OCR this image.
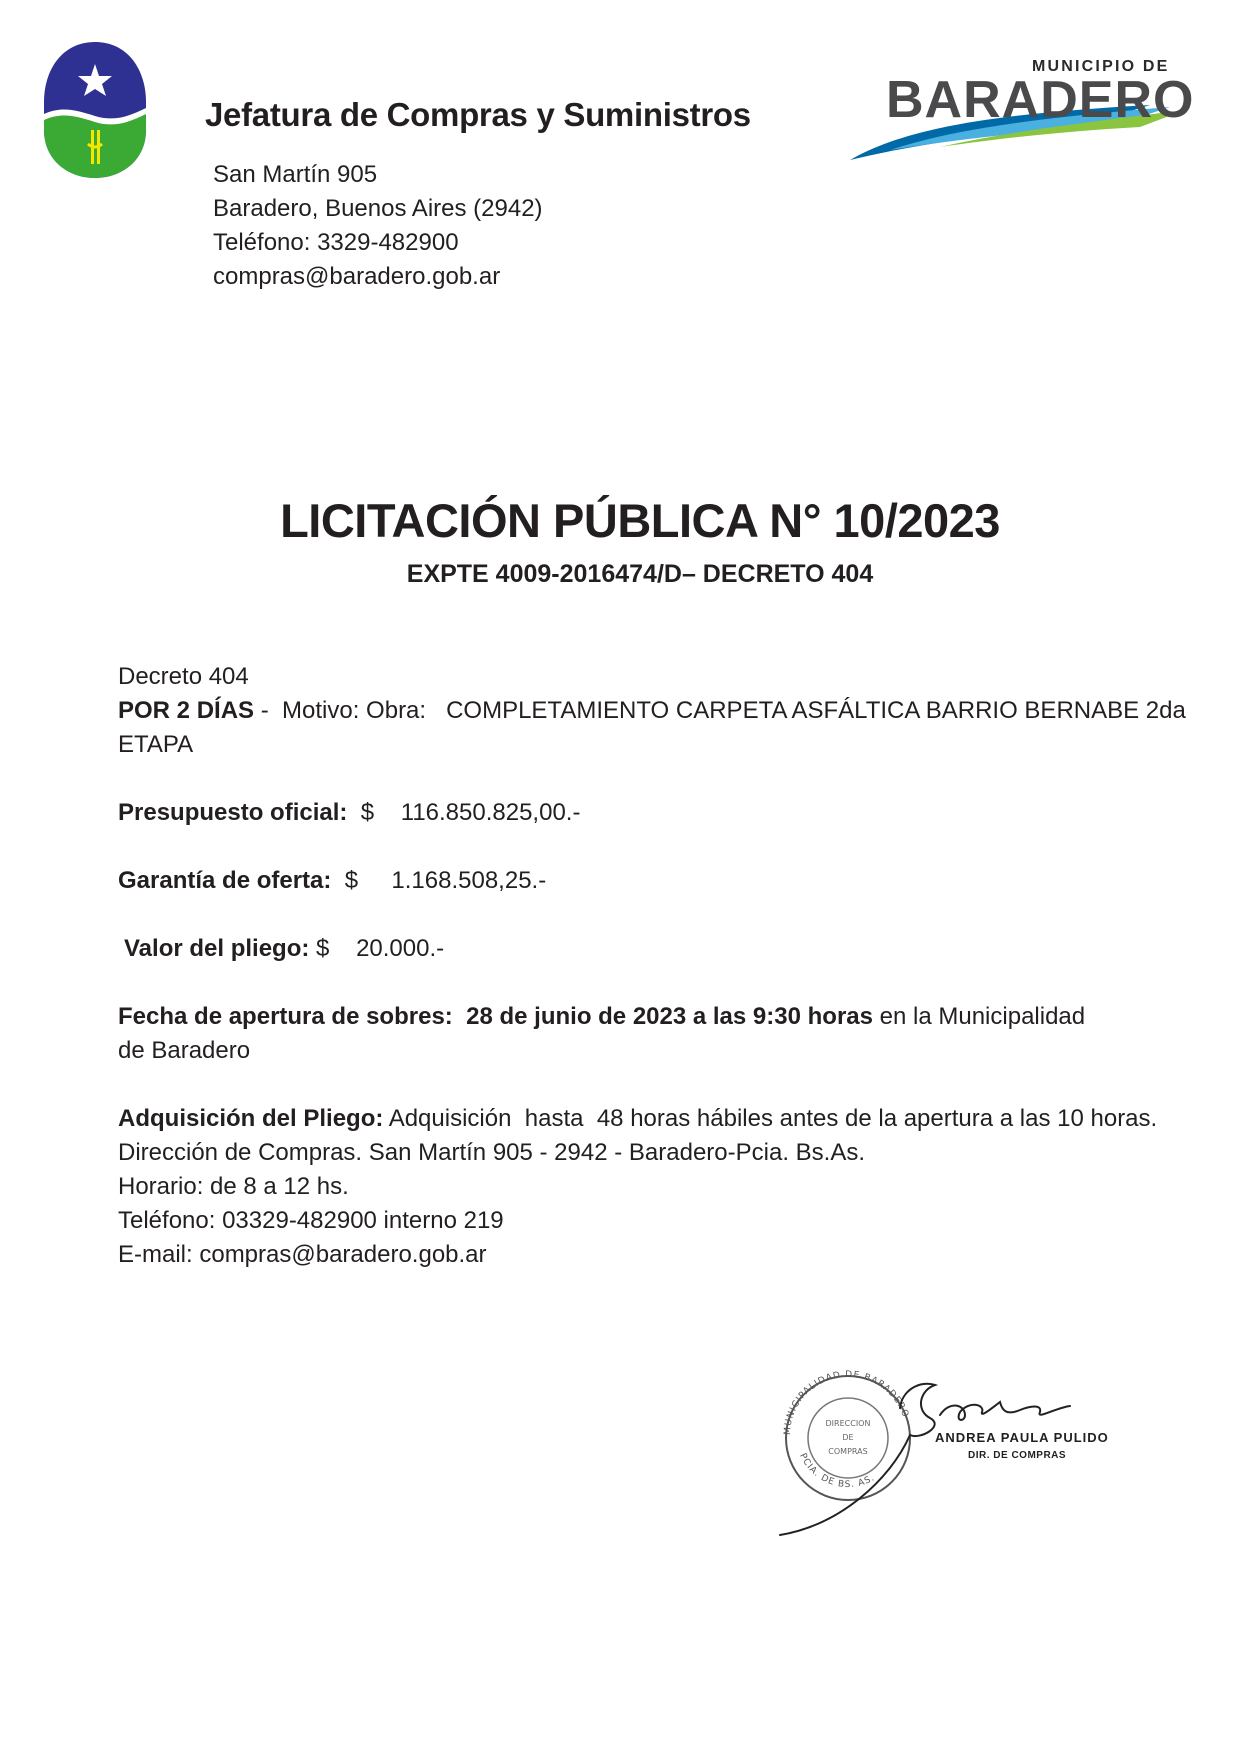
Jefatura de Compras y Suministros
San Martín 905
Baradero, Buenos Aires (2942)
Teléfono: 3329-482900
compras@baradero.gob.ar
MUNICIPIO DE
BARADERO
LICITACIÓN PÚBLICA N° 10/2023
EXPTE 4009-2016474/D– DECRETO 404
Decreto 404
POR 2 DÍAS -  Motivo: Obra:   COMPLETAMIENTO CARPETA ASFÁLTICA BARRIO BERNABE 2da
ETAPA
Presupuesto oficial:  $    116.850.825,00.-
Garantía de oferta:  $     1.168.508,25.-
Valor del pliego: $    20.000.-
Fecha de apertura de sobres:  28 de junio de 2023 a las 9:30 horas en la Municipalidad
de Baradero
Adquisición del Pliego: Adquisición  hasta  48 horas hábiles antes de la apertura a las 10 horas.
Dirección de Compras. San Martín 905 - 2942 - Baradero-Pcia. Bs.As.
Horario: de 8 a 12 hs.
Teléfono: 03329-482900 interno 219
E-mail: compras@baradero.gob.ar
MUNICIPALIDAD DE BARADERO
PCIA. DE BS. AS.
DIRECCION
DE
COMPRAS
ANDREA PAULA PULIDO
DIR. DE COMPRAS
